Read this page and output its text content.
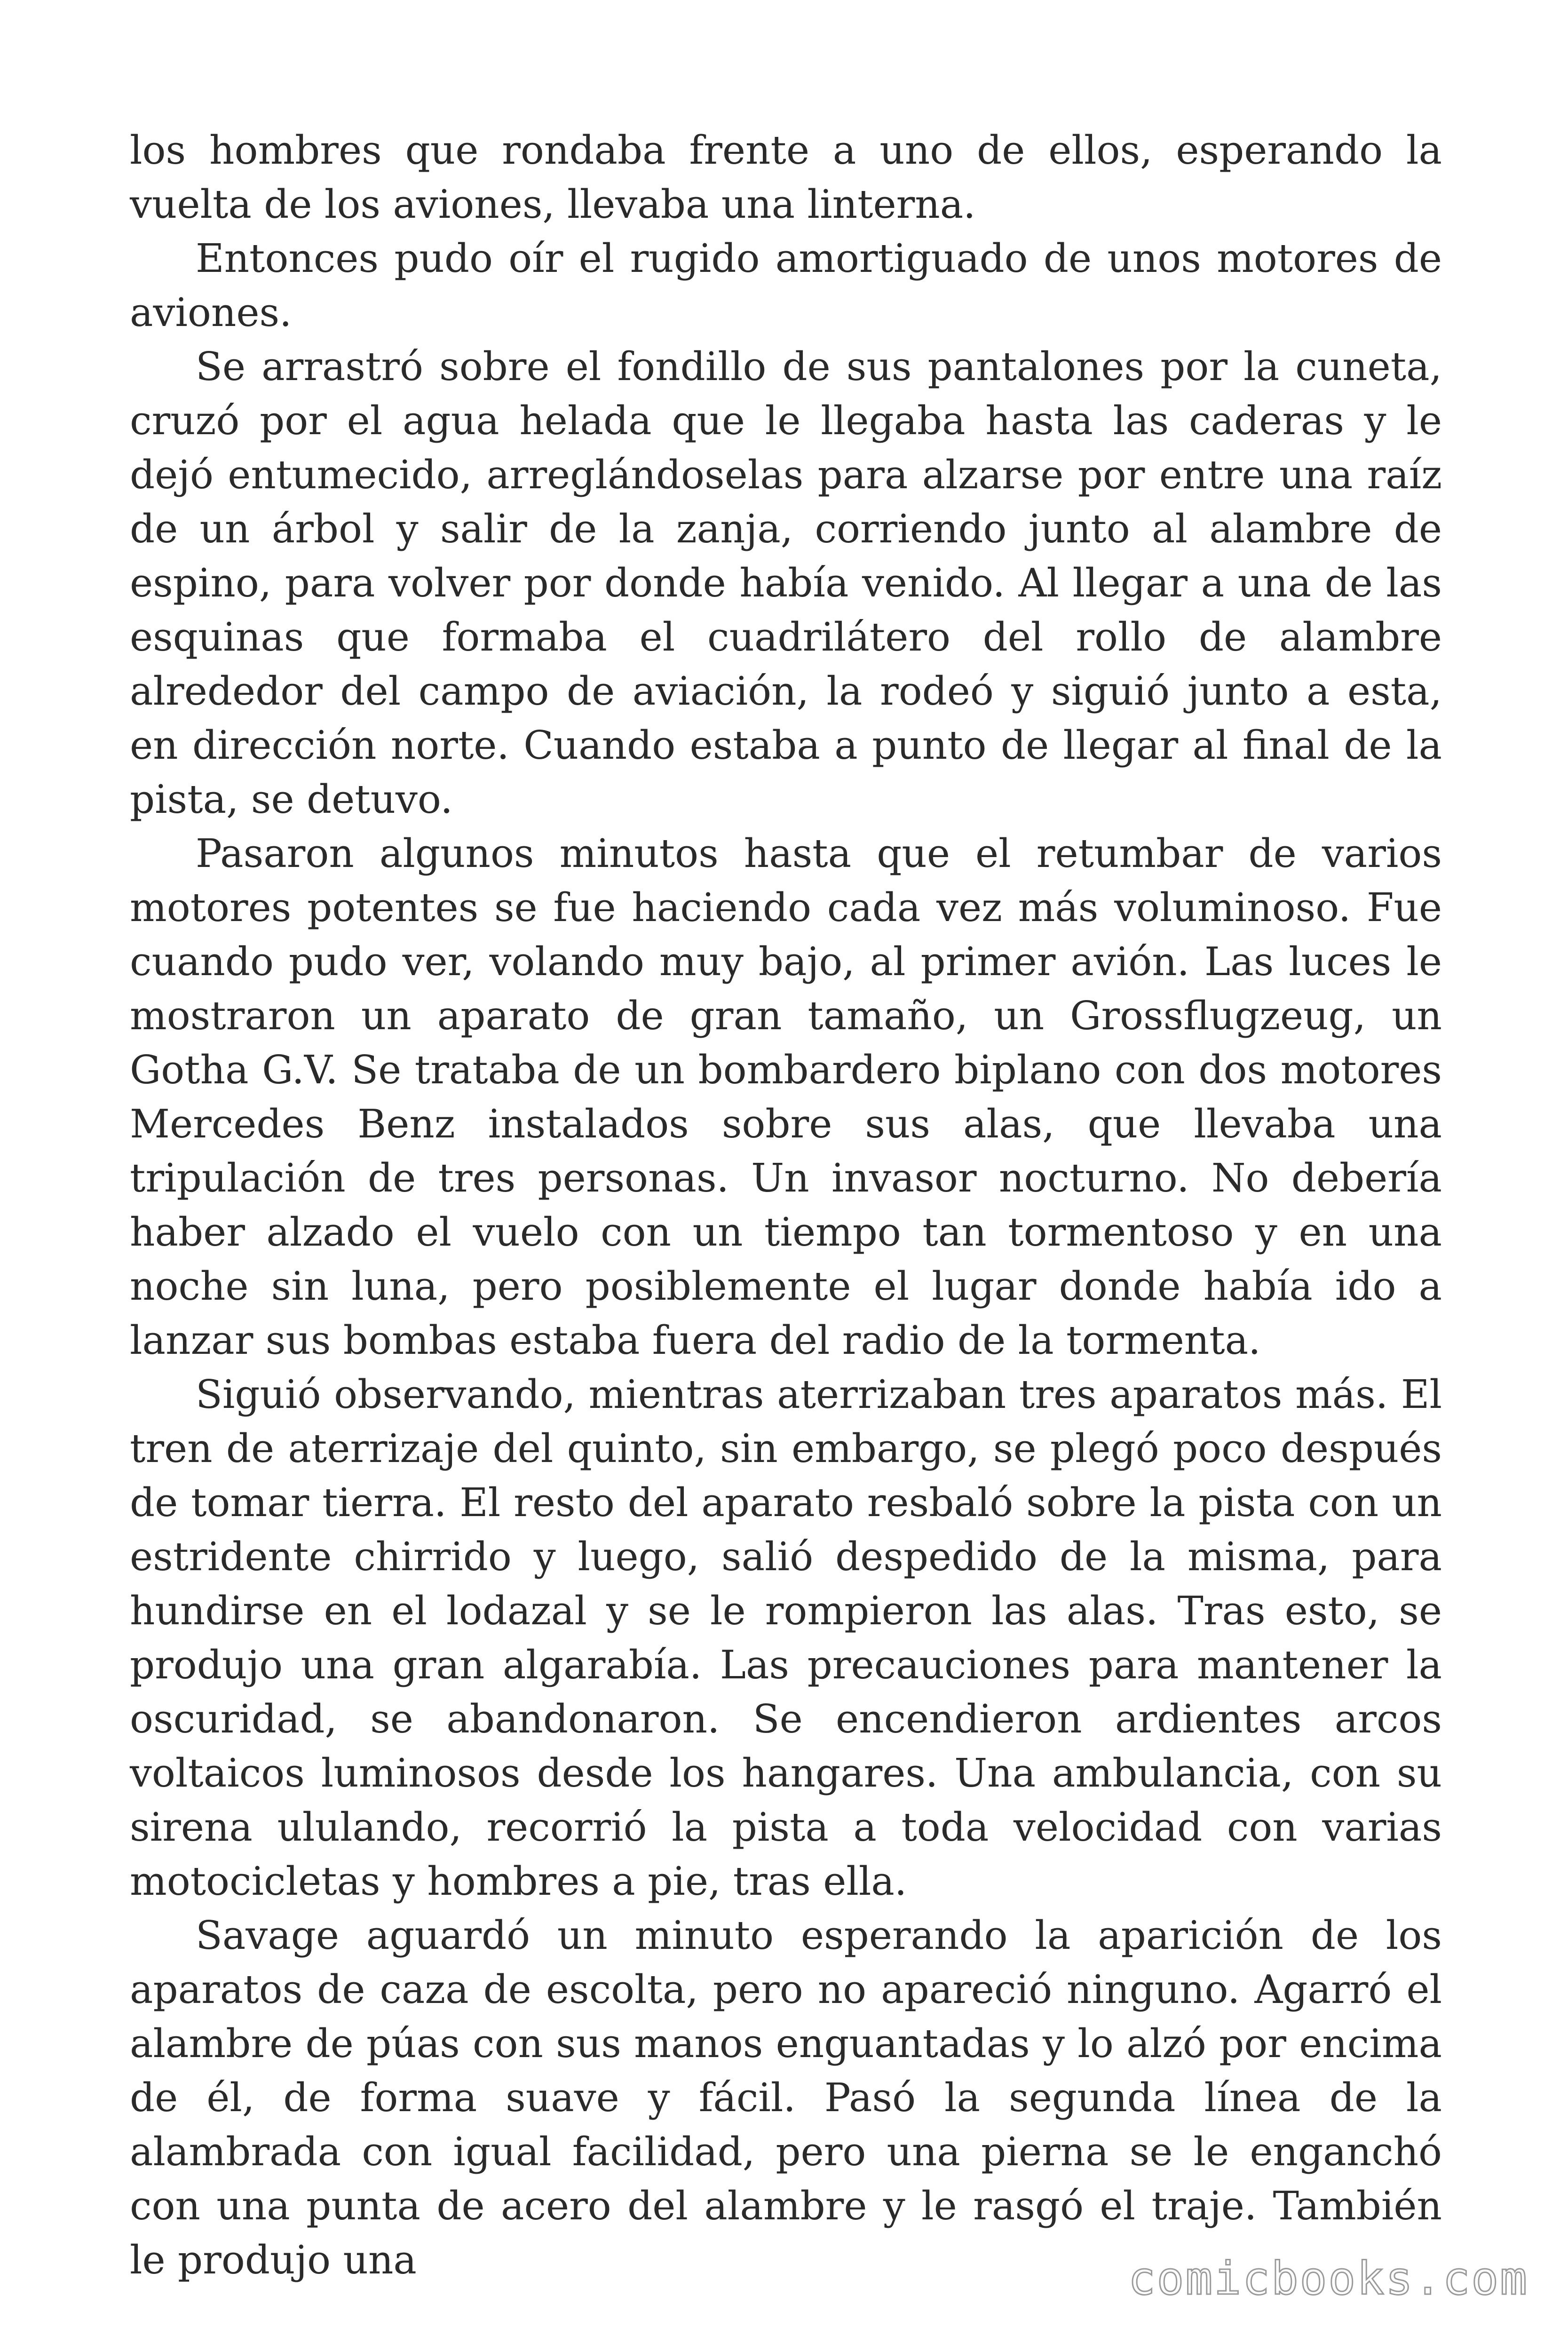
los hombres que rondaba frente a uno de ellos, esperando la vuelta de los aviones, llevaba una linterna.

Entonces pudo oír el rugido amortiguado de unos motores de aviones.

Se arrastró sobre el fondillo de sus pantalones por la cuneta, cruzó por el agua helada que le llegaba hasta las caderas y le dejó entumecido, arreglándoselas para alzarse por entre una raíz de un árbol y salir de la zanja, corriendo junto al alambre de espino, para volver por donde había venido. Al llegar a una de las esquinas que formaba el cuadrilátero del rollo de alambre alrededor del campo de aviación, la rodeó y siguió junto a esta, en dirección norte. Cuando estaba a punto de llegar al final de la pista, se detuvo.

Pasaron algunos minutos hasta que el retumbar de varios motores potentes se fue haciendo cada vez más voluminoso. Fue cuando pudo ver, volando muy bajo, al primer avión. Las luces le mostraron un aparato de gran tamaño, un Grossflugzeug, un Gotha G.V. Se trataba de un bombardero biplano con dos motores Mercedes Benz instalados sobre sus alas, que llevaba una tripulación de tres personas. Un invasor nocturno. No debería haber alzado el vuelo con un tiempo tan tormentoso y en una noche sin luna, pero posiblemente el lugar donde había ido a lanzar sus bombas estaba fuera del radio de la tormenta.

Siguió observando, mientras aterrizaban tres aparatos más. El tren de aterrizaje del quinto, sin embargo, se plegó poco después de tomar tierra. El resto del aparato resbaló sobre la pista con un estridente chirrido y luego, salió despedido de la misma, para hundirse en el lodazal y se le rompieron las alas. Tras esto, se produjo una gran algarabía. Las precauciones para mantener la oscuridad, se abandonaron. Se encendieron ardientes arcos voltaicos luminosos desde los hangares. Una ambulancia, con su sirena ululando, recorrió la pista a toda velocidad con varias motocicletas y hombres a pie, tras ella.

Savage aguardó un minuto esperando la aparición de los aparatos de caza de escolta, pero no apareció ninguno. Agarró el alambre de púas con sus manos enguantadas y lo alzó por encima de él, de forma suave y fácil. Pasó la segunda línea de la alambrada con igual facilidad, pero una pierna se le enganchó con una punta de acero del alambre y le rasgó el traje. También le produjo una	comicbooks.com
